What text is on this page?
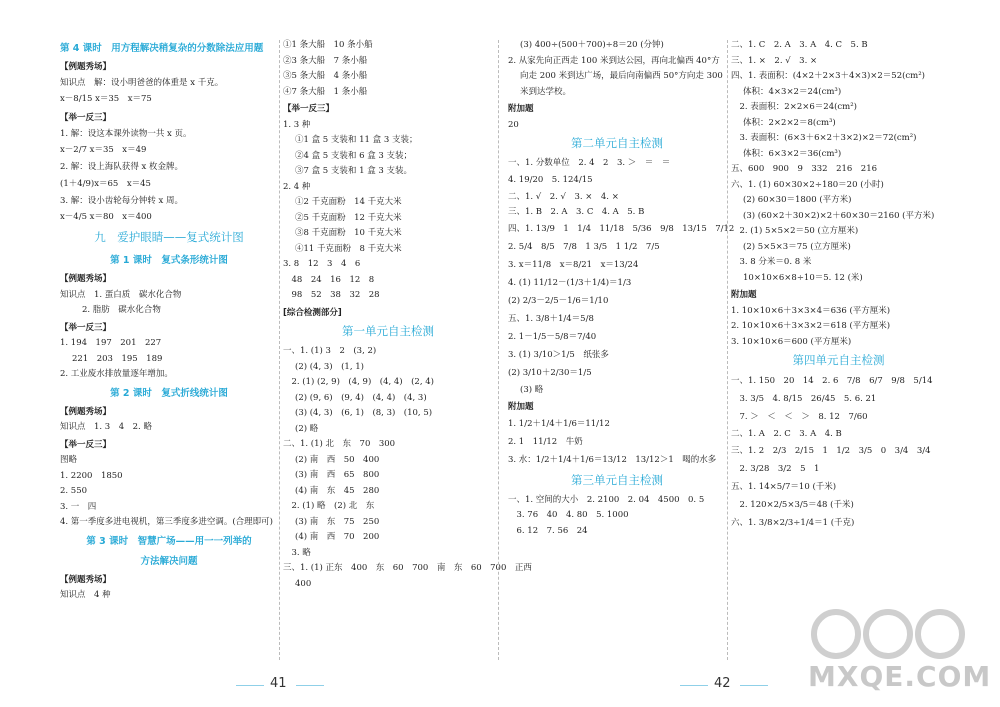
第 4 课时　用方程解决稍复杂的分数除法应用题
【例题秀场】
知识点　解：设小明爸爸的体重是 x 千克。
x－8/15 x＝35　x＝75
【举一反三】
1. 解：设这本课外读物一共 x 页。
x－2/7 x＝35　x＝49
2. 解：设上海队获得 x 枚金牌。
(1＋4/9)x＝65　x＝45
3. 解：设小齿轮每分钟转 x 周。
x－4/5 x＝80　x＝400
九　爱护眼睛——复式统计图
第 1 课时　复式条形统计图
【例题秀场】
知识点　1. 蛋白质　碳水化合物
2. 脂肪　碳水化合物
【举一反三】
1. 194　197　201　227
221　203　195　189
2. 工业废水排放量逐年增加。
第 2 课时　复式折线统计图
【例题秀场】
知识点　1. 3　4　2. 略
【举一反三】
图略
1. 2200　1850
2. 550
3. 一　四
4. 第一季度多进电视机，第三季度多进空调。(合理即可)
第 3 课时　智慧广场——用一一列举的
方法解决问题
【例题秀场】
知识点　4 种
①1 条大船　10 条小船
②3 条大船　7 条小船
③5 条大船　4 条小船
④7 条大船　1 条小船
【举一反三】
1. 3 种
①1 盒 5 支装和 11 盒 3 支装；
②4 盒 5 支装和 6 盒 3 支装；
③7 盒 5 支装和 1 盒 3 支装。
2. 4 种
①2 千克面粉　14 千克大米
②5 千克面粉　12 千克大米
③8 千克面粉　10 千克大米
④11 千克面粉　8 千克大米
3. 8　12　3　4　6
　48　24　16　12　8
　98　52　38　32　28
[综合检测部分]
第一单元自主检测
一、1. (1) 3　2　(3, 2)
(2) (4, 3)　(1, 1)
　2. (1) (2, 9)　(4, 9)　(4, 4)　(2, 4)
(2) (9, 6)　(9, 4)　(4, 4)　(4, 3)
(3) (4, 3)　(6, 1)　(8, 3)　(10, 5)
(2) 略
二、1. (1) 北　东　70　300
(2) 南　西　50　400
(3) 南　西　65　800
(4) 南　东　45　280
　2. (1) 略　(2) 北　东
(3) 南　东　75　250
(4) 南　西　70　200
　3. 略
三、1. (1) 正东　400　东　60　700　南　东　60　700　正西
400
(3) 400÷(500＋700)÷8＝20 (分钟)
2. 从家先向正西走 100 米到达公园，再向北偏西 40°方
向走 200 米到达广场，最后向南偏西 50°方向走 300
米到达学校。
附加题
20
第二单元自主检测
一、1. 分数单位　2. 4　2　3. ＞　＝　＝
4. 19/20　5. 124/15
二、1. √　2. √　3. ×　4. ×
三、1. B　2. A　3. C　4. A　5. B
四、1. 13/9　1　1/4　11/18　5/36　9/8　13/15　7/12
2. 5/4　8/5　7/8　1 3/5　1 1/2　7/5
3. x＝11/8　x＝8/21　x＝13/24
4. (1) 11/12－(1/3＋1/4)＝1/3
(2) 2/3－2/5－1/6＝1/10
五、1. 3/8＋1/4＝5/8
2. 1－1/5－5/8＝7/40
3. (1) 3/10＞1/5　纸张多
(2) 3/10＋2/30＝1/5
(3) 略
附加题
1. 1/2＋1/4＋1/6＝11/12
2. 1　11/12　牛奶
3. 水：1/2＋1/4＋1/6＝13/12　13/12＞1　喝的水多
第三单元自主检测
一、1. 空间的大小　2. 2100　2. 04　4500　0. 5
　3. 76　40　4. 80　5. 1000
　6. 12　7. 56　24
二、1. C　2. A　3. A　4. C　5. B
三、1. ×　2. √　3. ×
四、1. 表面积：(4×2＋2×3＋4×3)×2＝52(cm²)
体积：4×3×2＝24(cm³)
　2. 表面积：2×2×6＝24(cm²)
体积：2×2×2＝8(cm³)
　3. 表面积：(6×3＋6×2＋3×2)×2＝72(cm²)
体积：6×3×2＝36(cm³)
五、600　900　9　332　216　216
六、1. (1) 60×30×2÷180＝20 (小时)
(2) 60×30＝1800 (平方米)
(3) (60×2＋30×2)×2＋60×30＝2160 (平方米)
　2. (1) 5×5×2＝50 (立方厘米)
(2) 5×5×3＝75 (立方厘米)
　3. 8 分米＝0. 8 米
10×10×6×8÷10＝5. 12 (米)
附加题
1. 10×10×6＋3×3×4＝636 (平方厘米)
2. 10×10×6＋3×3×2＝618 (平方厘米)
3. 10×10×6＝600 (平方厘米)
第四单元自主检测
一、1. 150　20　14　2. 6　7/8　6/7　9/8　5/14
　3. 3/5　4. 8/15　26/45　5. 6. 21
　7. ＞　＜　＜　＞　8. 12　7/60
二、1. A　2. C　3. A　4. B
三、1. 2　2/3　2/15　1　1/2　3/5　0　3/4　3/4
　2. 3/28　3/2　5　1
五、1. 14×5/7＝10 (千米)
　2. 120×2/5×3/5＝48 (千米)
六、1. 3/8×2/3÷1/4＝1 (千克)
41	42	MXQE.COM
